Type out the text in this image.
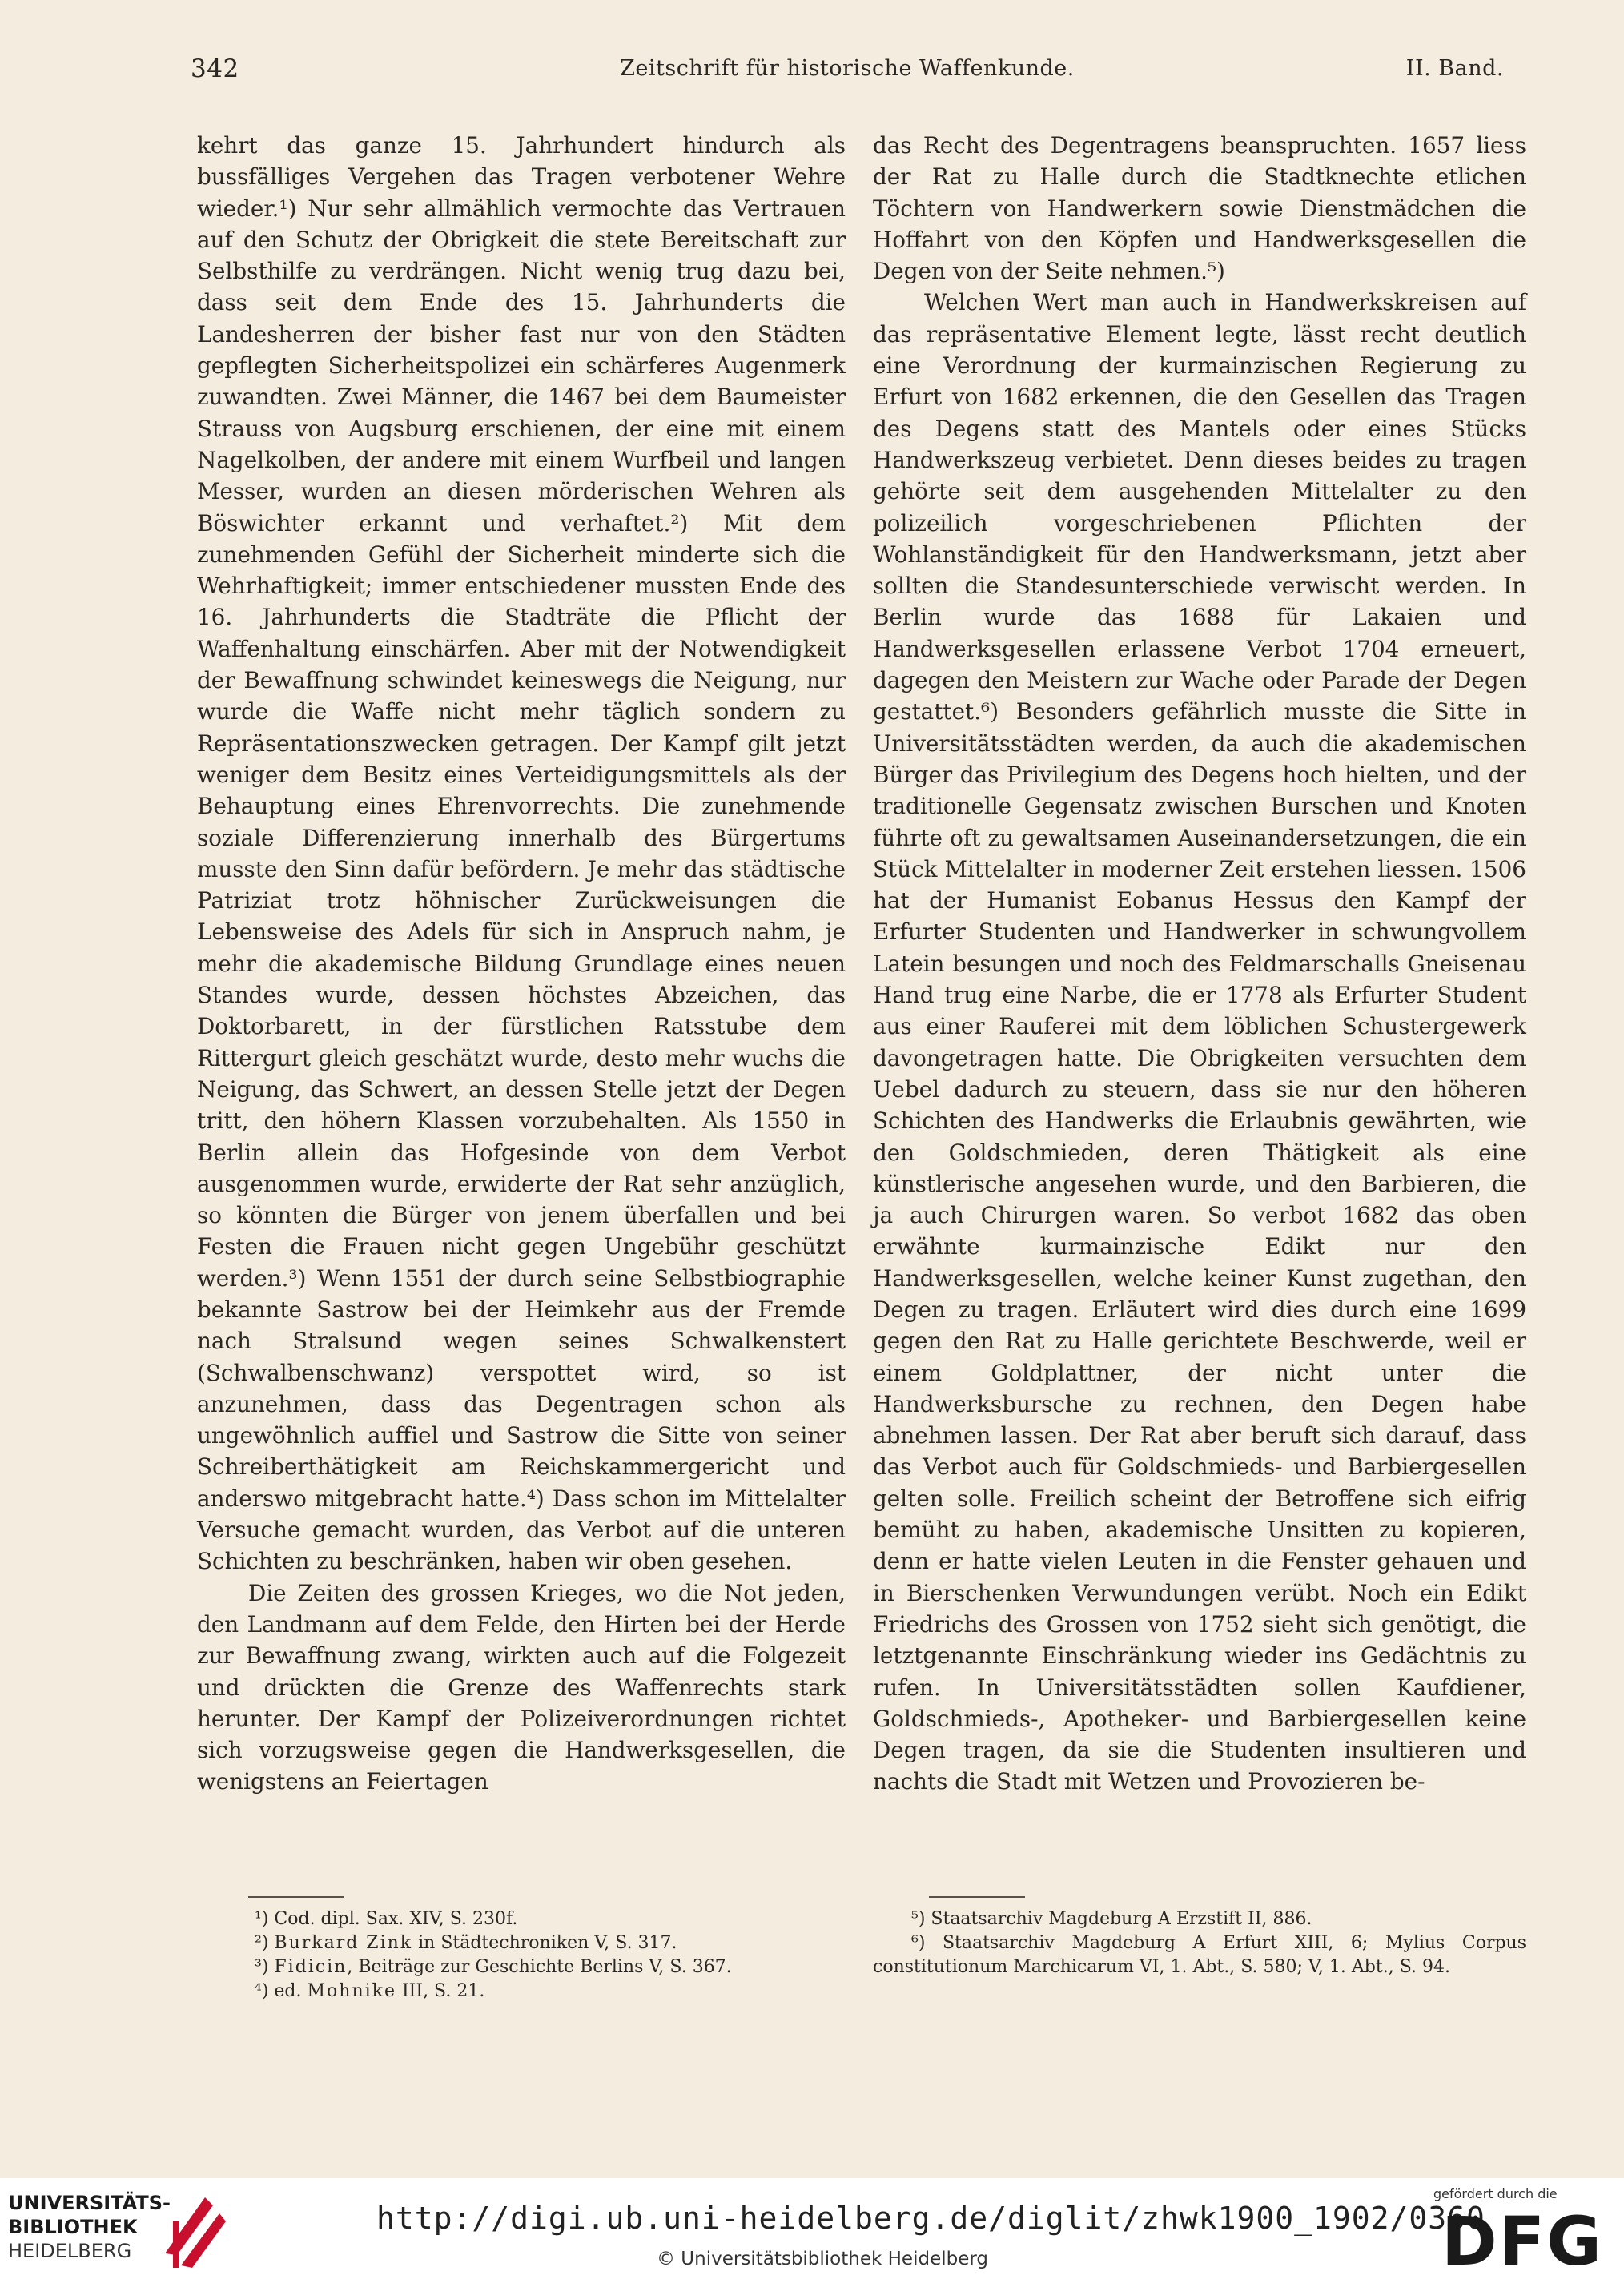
342	Zeitschrift für historische Waffenkunde.	II. Band.

kehrt das ganze 15. Jahrhundert hindurch als bussfälliges Vergehen das Tragen verbotener Wehre wieder.¹) Nur sehr allmählich vermochte das Vertrauen auf den Schutz der Obrigkeit die stete Bereitschaft zur Selbsthilfe zu verdrängen. Nicht wenig trug dazu bei, dass seit dem Ende des 15. Jahrhunderts die Landesherren der bisher fast nur von den Städten gepflegten Sicherheitspolizei ein schärferes Augenmerk zuwandten. Zwei Männer, die 1467 bei dem Baumeister Strauss von Augsburg erschienen, der eine mit einem Nagelkolben, der andere mit einem Wurfbeil und langen Messer, wurden an diesen mörderischen Wehren als Böswichter erkannt und verhaftet.²) Mit dem zunehmenden Gefühl der Sicherheit minderte sich die Wehrhaftigkeit; immer entschiedener mussten Ende des 16. Jahrhunderts die Stadträte die Pflicht der Waffenhaltung einschärfen. Aber mit der Notwendigkeit der Bewaffnung schwindet keineswegs die Neigung, nur wurde die Waffe nicht mehr täglich sondern zu Repräsentationszwecken getragen. Der Kampf gilt jetzt weniger dem Besitz eines Verteidigungsmittels als der Behauptung eines Ehrenvorrechts. Die zunehmende soziale Differenzierung innerhalb des Bürgertums musste den Sinn dafür befördern. Je mehr das städtische Patriziat trotz höhnischer Zurückweisungen die Lebensweise des Adels für sich in Anspruch nahm, je mehr die akademische Bildung Grundlage eines neuen Standes wurde, dessen höchstes Abzeichen, das Doktorbarett, in der fürstlichen Ratsstube dem Rittergurt gleich geschätzt wurde, desto mehr wuchs die Neigung, das Schwert, an dessen Stelle jetzt der Degen tritt, den höhern Klassen vorzubehalten. Als 1550 in Berlin allein das Hofgesinde von dem Verbot ausgenommen wurde, erwiderte der Rat sehr anzüglich, so könnten die Bürger von jenem überfallen und bei Festen die Frauen nicht gegen Ungebühr geschützt werden.³) Wenn 1551 der durch seine Selbstbiographie bekannte Sastrow bei der Heimkehr aus der Fremde nach Stralsund wegen seines Schwalkenstert (Schwalbenschwanz) verspottet wird, so ist anzunehmen, dass das Degentragen schon als ungewöhnlich auffiel und Sastrow die Sitte von seiner Schreiberthätigkeit am Reichskammergericht und anderswo mitgebracht hatte.⁴) Dass schon im Mittelalter Versuche gemacht wurden, das Verbot auf die unteren Schichten zu beschränken, haben wir oben gesehen.

Die Zeiten des grossen Krieges, wo die Not jeden, den Landmann auf dem Felde, den Hirten bei der Herde zur Bewaffnung zwang, wirkten auch auf die Folgezeit und drückten die Grenze des Waffenrechts stark herunter. Der Kampf der Polizeiverordnungen richtet sich vorzugsweise gegen die Handwerksgesellen, die wenigstens an Feiertagen

das Recht des Degentragens beanspruchten. 1657 liess der Rat zu Halle durch die Stadtknechte etlichen Töchtern von Handwerkern sowie Dienstmädchen die Hoffahrt von den Köpfen und Handwerksgesellen die Degen von der Seite nehmen.⁵)

Welchen Wert man auch in Handwerkskreisen auf das repräsentative Element legte, lässt recht deutlich eine Verordnung der kurmainzischen Regierung zu Erfurt von 1682 erkennen, die den Gesellen das Tragen des Degens statt des Mantels oder eines Stücks Handwerkszeug verbietet. Denn dieses beides zu tragen gehörte seit dem ausgehenden Mittelalter zu den polizeilich vorgeschriebenen Pflichten der Wohlanständigkeit für den Handwerksmann, jetzt aber sollten die Standesunterschiede verwischt werden. In Berlin wurde das 1688 für Lakaien und Handwerksgesellen erlassene Verbot 1704 erneuert, dagegen den Meistern zur Wache oder Parade der Degen gestattet.⁶) Besonders gefährlich musste die Sitte in Universitätsstädten werden, da auch die akademischen Bürger das Privilegium des Degens hoch hielten, und der traditionelle Gegensatz zwischen Burschen und Knoten führte oft zu gewaltsamen Auseinandersetzungen, die ein Stück Mittelalter in moderner Zeit erstehen liessen. 1506 hat der Humanist Eobanus Hessus den Kampf der Erfurter Studenten und Handwerker in schwungvollem Latein besungen und noch des Feldmarschalls Gneisenau Hand trug eine Narbe, die er 1778 als Erfurter Student aus einer Rauferei mit dem löblichen Schustergewerk davongetragen hatte. Die Obrigkeiten versuchten dem Uebel dadurch zu steuern, dass sie nur den höheren Schichten des Handwerks die Erlaubnis gewährten, wie den Goldschmieden, deren Thätigkeit als eine künstlerische angesehen wurde, und den Barbieren, die ja auch Chirurgen waren. So verbot 1682 das oben erwähnte kurmainzische Edikt nur den Handwerksgesellen, welche keiner Kunst zugethan, den Degen zu tragen. Erläutert wird dies durch eine 1699 gegen den Rat zu Halle gerichtete Beschwerde, weil er einem Goldplattner, der nicht unter die Handwerksbursche zu rechnen, den Degen habe abnehmen lassen. Der Rat aber beruft sich darauf, dass das Verbot auch für Goldschmieds- und Barbiergesellen gelten solle. Freilich scheint der Betroffene sich eifrig bemüht zu haben, akademische Unsitten zu kopieren, denn er hatte vielen Leuten in die Fenster gehauen und in Bierschenken Verwundungen verübt. Noch ein Edikt Friedrichs des Grossen von 1752 sieht sich genötigt, die letztgenannte Einschränkung wieder ins Gedächtnis zu rufen. In Universitätsstädten sollen Kaufdiener, Goldschmieds-, Apotheker- und Barbiergesellen keine Degen tragen, da sie die Studenten insultieren und nachts die Stadt mit Wetzen und Provozieren be-

¹) Cod. dipl. Sax. XIV, S. 230f.
²) Burkard Zink in Städtechroniken V, S. 317.
³) Fidicin, Beiträge zur Geschichte Berlins V, S. 367.
⁴) ed. Mohnike III, S. 21.
⁵) Staatsarchiv Magdeburg A Erzstift II, 886.
⁶) Staatsarchiv Magdeburg A Erfurt XIII, 6; Mylius Corpus constitutionum Marchicarum VI, 1. Abt., S. 580; V, 1. Abt., S. 94.
UNIVERSITÄTS-
BIBLIOTHEK
HEIDELBERG
http://digi.ub.uni-heidelberg.de/diglit/zhwk1900_1902/0360
© Universitätsbibliothek Heidelberg
gefördert durch die
DFG
